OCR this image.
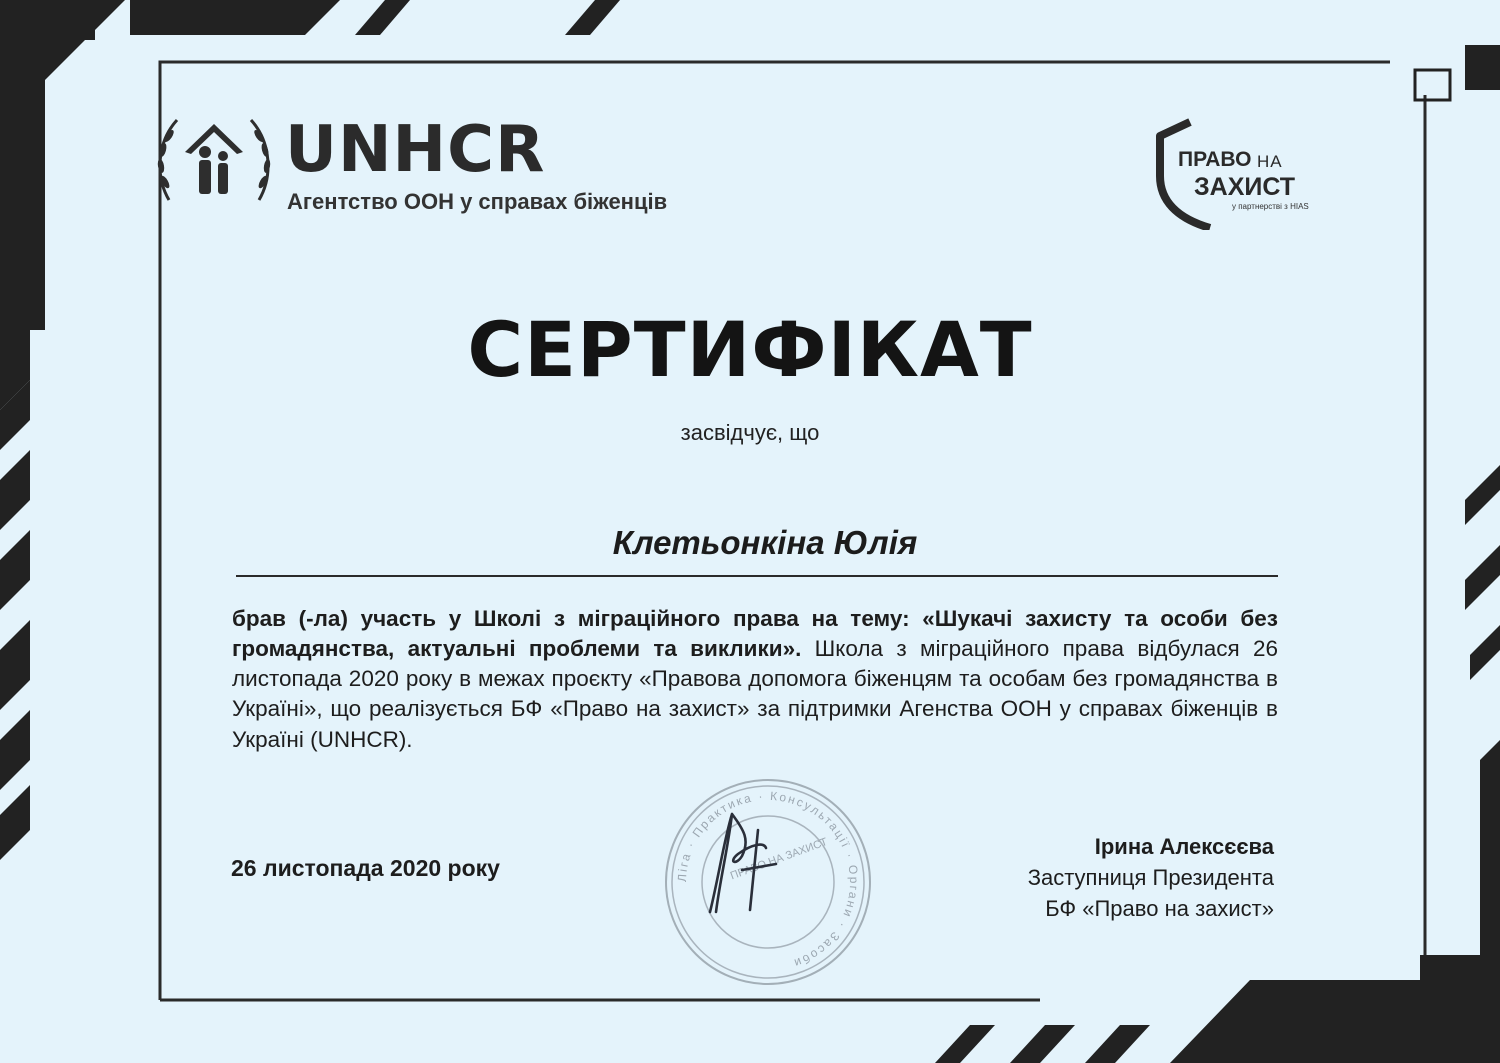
UNHCR
Агентство ООН у справах біженців
ПРАВО НА
ЗАХИСТ
у партнерстві з HIAS
СЕРТИФІКАТ
засвідчує, що
Клетьонкіна Юлія
брав (-ла) участь у Школі з міграційного права на тему: «Шукачі захисту та особи без громадянства, актуальні проблеми та виклики». Школа з міграційного права відбулася 26 листопада 2020 року в межах проєкту «Правова допомога біженцям та особам без громадянства в Україні», що реалізується БФ «Право на захист» за підтримки Агенства ООН у справах біженців в Україні (UNHCR).
Ліга · Практика · Консультації · Органи · Засоби
ПРАВО НА ЗАХИСТ
26 листопада 2020 року
Ірина Алексєєва
Заступниця Президента
БФ «Право на захист»
